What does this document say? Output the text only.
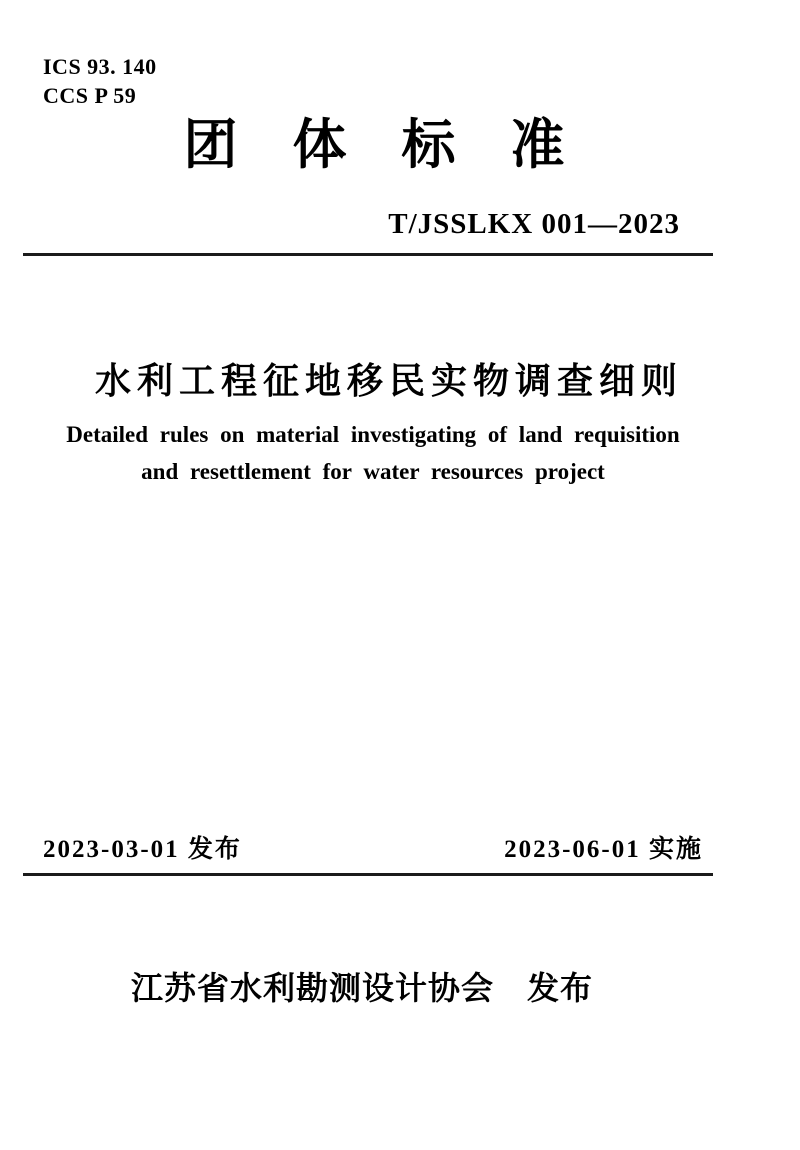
ICS 93. 140
CCS P 59
团体标准
T/JSSLKX 001—2023
水利工程征地移民实物调查细则
Detailed rules on material investigating of land requisition
and resettlement for water resources project
2023-03-01 发布	2023-06-01 实施
江苏省水利勘测设计协会　发布
